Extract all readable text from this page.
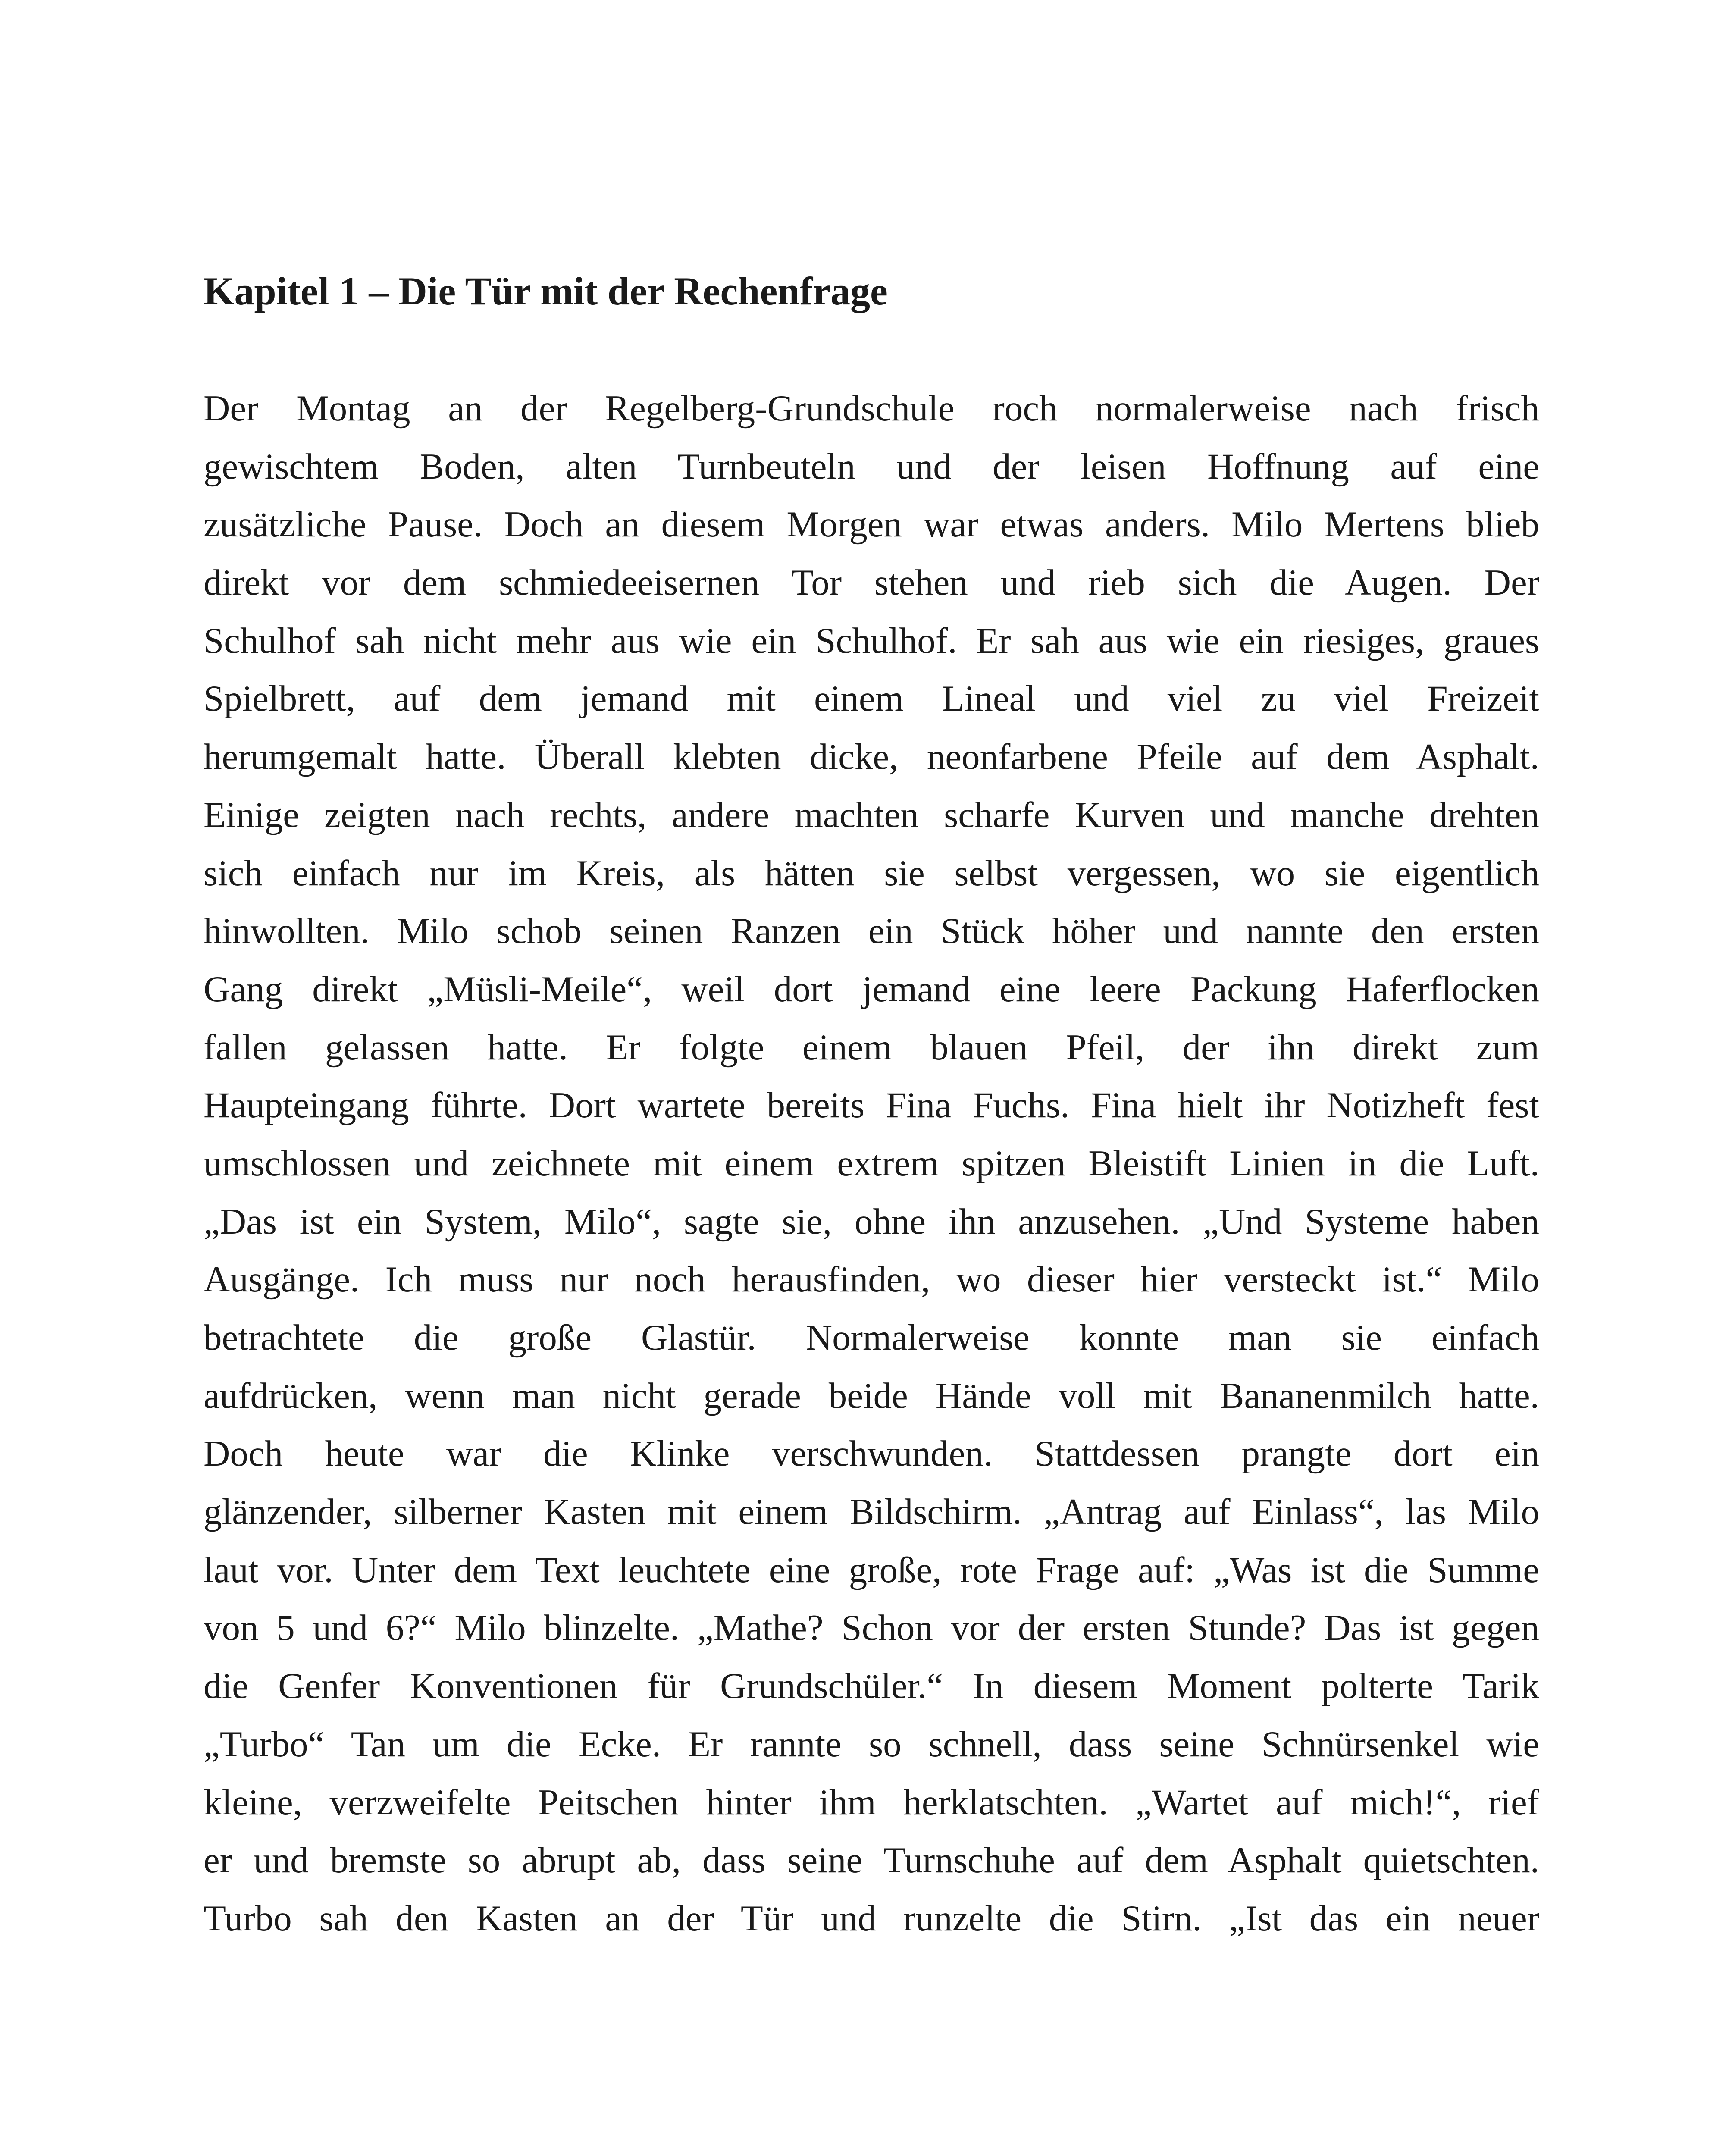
Kapitel 1 – Die Tür mit der Rechenfrage
Der Montag an der Regelberg-Grundschule roch normalerweise nach frisch
gewischtem Boden, alten Turnbeuteln und der leisen Hoffnung auf eine
zusätzliche Pause. Doch an diesem Morgen war etwas anders. Milo Mertens blieb
direkt vor dem schmiedeeisernen Tor stehen und rieb sich die Augen. Der
Schulhof sah nicht mehr aus wie ein Schulhof. Er sah aus wie ein riesiges, graues
Spielbrett, auf dem jemand mit einem Lineal und viel zu viel Freizeit
herumgemalt hatte. Überall klebten dicke, neonfarbene Pfeile auf dem Asphalt.
Einige zeigten nach rechts, andere machten scharfe Kurven und manche drehten
sich einfach nur im Kreis, als hätten sie selbst vergessen, wo sie eigentlich
hinwollten. Milo schob seinen Ranzen ein Stück höher und nannte den ersten
Gang direkt „Müsli-Meile“, weil dort jemand eine leere Packung Haferflocken
fallen gelassen hatte. Er folgte einem blauen Pfeil, der ihn direkt zum
Haupteingang führte. Dort wartete bereits Fina Fuchs. Fina hielt ihr Notizheft fest
umschlossen und zeichnete mit einem extrem spitzen Bleistift Linien in die Luft.
„Das ist ein System, Milo“, sagte sie, ohne ihn anzusehen. „Und Systeme haben
Ausgänge. Ich muss nur noch herausfinden, wo dieser hier versteckt ist.“ Milo
betrachtete die große Glastür. Normalerweise konnte man sie einfach
aufdrücken, wenn man nicht gerade beide Hände voll mit Bananenmilch hatte.
Doch heute war die Klinke verschwunden. Stattdessen prangte dort ein
glänzender, silberner Kasten mit einem Bildschirm. „Antrag auf Einlass“, las Milo
laut vor. Unter dem Text leuchtete eine große, rote Frage auf: „Was ist die Summe
von 5 und 6?“ Milo blinzelte. „Mathe? Schon vor der ersten Stunde? Das ist gegen
die Genfer Konventionen für Grundschüler.“ In diesem Moment polterte Tarik
„Turbo“ Tan um die Ecke. Er rannte so schnell, dass seine Schnürsenkel wie
kleine, verzweifelte Peitschen hinter ihm herklatschten. „Wartet auf mich!“, rief
er und bremste so abrupt ab, dass seine Turnschuhe auf dem Asphalt quietschten.
Turbo sah den Kasten an der Tür und runzelte die Stirn. „Ist das ein neuer
